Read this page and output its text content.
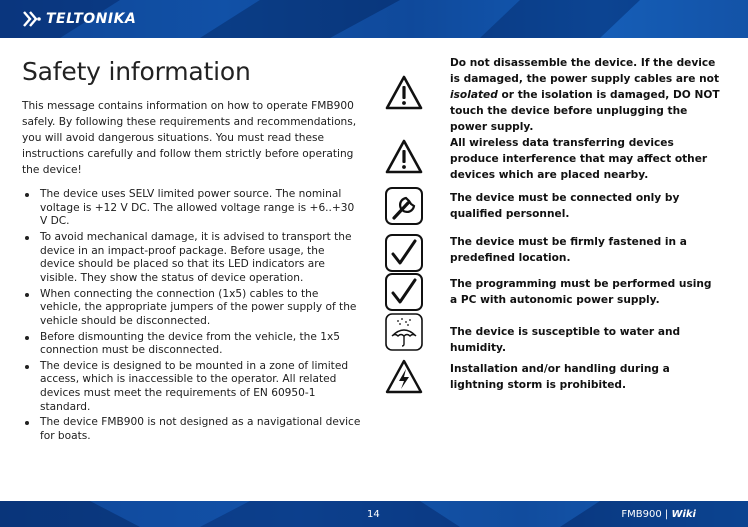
TELTONIKA
Safety information

This message contains information on how to operate FMB900 safely. By following these requirements and recommendations, you will avoid dangerous situations. You must read these instructions carefully and follow them strictly before operating the device!

The device uses SELV limited power source. The nominal voltage is +12 V DC. The allowed voltage range is +6..+30 V DC.
To avoid mechanical damage, it is advised to transport the device in an impact-proof package. Before usage, the device should be placed so that its LED indicators are visible. They show the status of device operation.
When connecting the connection (1x5) cables to the vehicle, the appropriate jumpers of the power supply of the vehicle should be disconnected.
Before dismounting the device from the vehicle, the 1x5 connection must be disconnected.
The device is designed to be mounted in a zone of limited access, which is inaccessible to the operator. All related devices must meet the requirements of EN 60950-1 standard.
The device FMB900 is not designed as a navigational device for boats.

Do not disassemble the device. If the device is damaged, the power supply cables are not isolated or the isolation is damaged, DO NOT touch the device before unplugging the power supply.

All wireless data transferring devices produce interference that may affect other devices which are placed nearby.

The device must be connected only by qualified personnel.

The device must be firmly fastened in a predefined location.

The programming must be performed using a PC with autonomic power supply.

The device is susceptible to water and humidity.

Installation and/or handling during a lightning storm is prohibited.

14	FMB900 | Wiki
